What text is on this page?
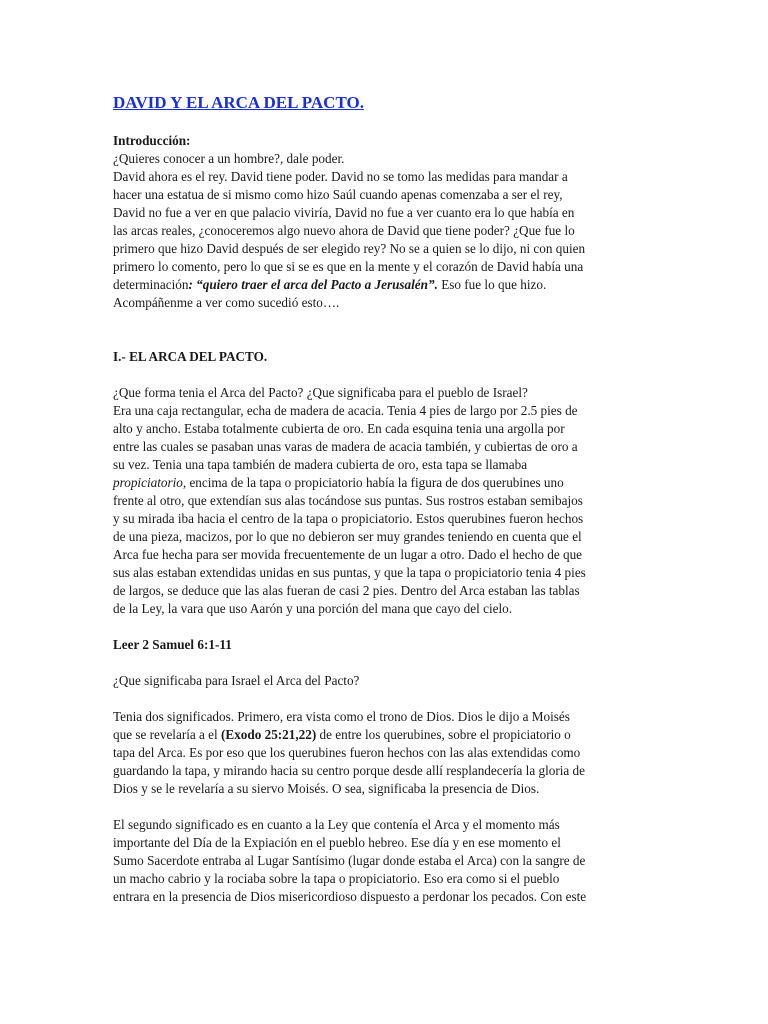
DAVID Y EL ARCA DEL PACTO.
Introducción:
¿Quieres conocer a un hombre?, dale poder.
David ahora es el rey. David tiene poder. David no se tomo las medidas para mandar a
hacer una estatua de si mismo como hizo Saúl cuando apenas comenzaba a ser el rey,
David no fue a ver en que palacio viviría, David no fue a ver cuanto era lo que había en
las arcas reales, ¿conoceremos algo nuevo ahora de David que tiene poder? ¿Que fue lo
primero que hizo David después de ser elegido rey? No se a quien se lo dijo, ni con quien
primero lo comento, pero lo que si se es que en la mente y el corazón de David había una
determinación: “quiero traer el arca del Pacto a Jerusalén”. Eso fue lo que hizo.
Acompáñenme a ver como sucedió esto….
I.- EL ARCA DEL PACTO.
¿Que forma tenia el Arca del Pacto? ¿Que significaba para el pueblo de Israel?
Era una caja rectangular, echa de madera de acacia. Tenia 4 pies de largo por 2.5 pies de
alto y ancho. Estaba totalmente cubierta de oro. En cada esquina tenia una argolla por
entre las cuales se pasaban unas varas de madera de acacia también, y cubiertas de oro a
su vez. Tenia una tapa también de madera cubierta de oro, esta tapa se llamaba
propiciatorio, encima de la tapa o propiciatorio había la figura de dos querubines uno
frente al otro, que extendían sus alas tocándose sus puntas. Sus rostros estaban semibajos
y su mirada iba hacia el centro de la tapa o propiciatorio. Estos querubines fueron hechos
de una pieza, macizos, por lo que no debieron ser muy grandes teniendo en cuenta que el
Arca fue hecha para ser movida frecuentemente de un lugar a otro. Dado el hecho de que
sus alas estaban extendidas unidas en sus puntas, y que la tapa o propiciatorio tenia 4 pies
de largos, se deduce que las alas fueran de casi 2 pies. Dentro del Arca estaban las tablas
de la Ley, la vara que uso Aarón y una porción del mana que cayo del cielo.
Leer 2 Samuel 6:1-11
¿Que significaba para Israel el Arca del Pacto?
Tenia dos significados. Primero, era vista como el trono de Dios. Dios le dijo a Moisés
que se revelaría a el (Exodo 25:21,22) de entre los querubines, sobre el propiciatorio o
tapa del Arca. Es por eso que los querubines fueron hechos con las alas extendidas como
guardando la tapa, y mirando hacia su centro porque desde allí resplandecería la gloria de
Dios y se le revelaría a su siervo Moisés. O sea, significaba la presencia de Dios.
El segundo significado es en cuanto a la Ley que contenía el Arca y el momento más
importante del Día de la Expiación en el pueblo hebreo. Ese día y en ese momento el
Sumo Sacerdote entraba al Lugar Santísimo (lugar donde estaba el Arca) con la sangre de
un macho cabrio y la rociaba sobre la tapa o propiciatorio. Eso era como si el pueblo
entrara en la presencia de Dios misericordioso dispuesto a perdonar los pecados. Con este
